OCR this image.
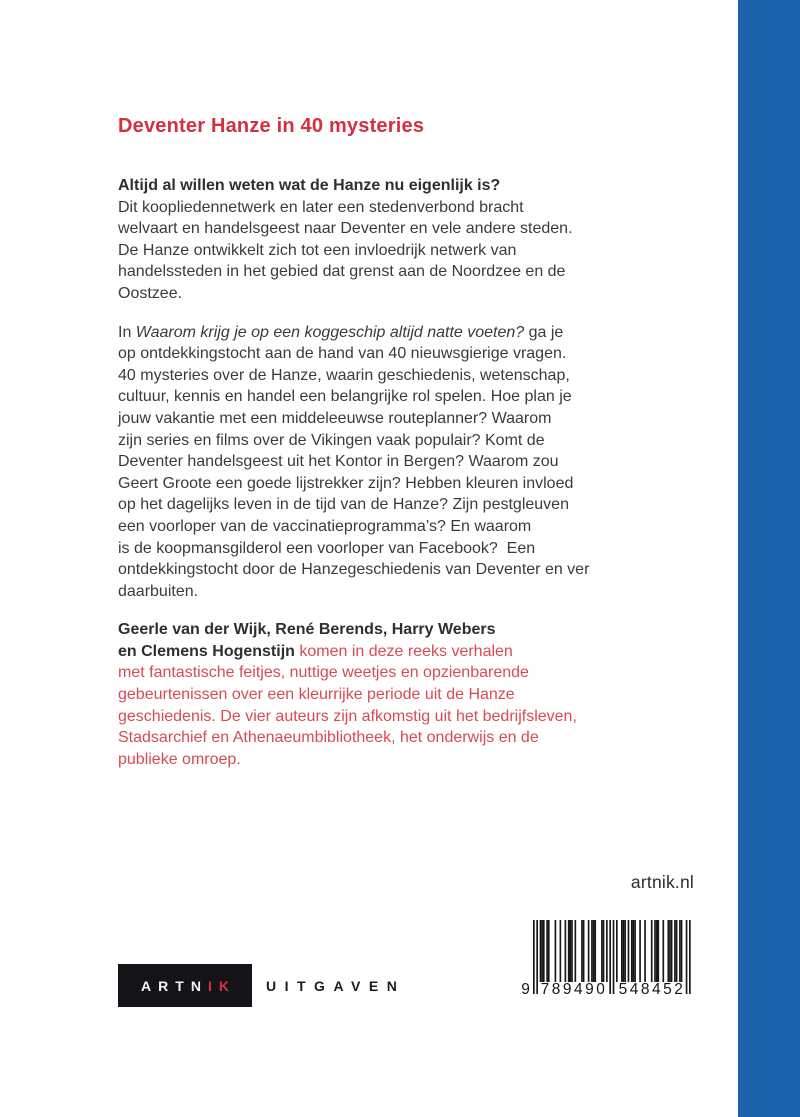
Deventer Hanze in 40 mysteries

Altijd al willen weten wat de Hanze nu eigenlijk is?
Dit koopliedennetwerk en later een stedenverbond bracht
welvaart en handelsgeest naar Deventer en vele andere steden.
De Hanze ontwikkelt zich tot een invloedrijk netwerk van
handelssteden in het gebied dat grenst aan de Noordzee en de
Oostzee.

In Waarom krijg je op een koggeschip altijd natte voeten? ga je
op ontdekkingstocht aan de hand van 40 nieuwsgierige vragen.
40 mysteries over de Hanze, waarin geschiedenis, wetenschap,
cultuur, kennis en handel een belangrijke rol spelen. Hoe plan je
jouw vakantie met een middeleeuwse routeplanner? Waarom
zijn series en films over de Vikingen vaak populair? Komt de
Deventer handelsgeest uit het Kontor in Bergen? Waarom zou
Geert Groote een goede lijstrekker zijn? Hebben kleuren invloed
op het dagelijks leven in de tijd van de Hanze? Zijn pestgleuven
een voorloper van de vaccinatieprogramma’s? En waarom
is de koopmansgilderol een voorloper van Facebook?  Een
ontdekkingstocht door de Hanzegeschiedenis van Deventer en ver
daarbuiten.

Geerle van der Wijk, René Berends, Harry Webers
en Clemens Hogenstijn komen in deze reeks verhalen
met fantastische feitjes, nuttige weetjes en opzienbarende
gebeurtenissen over een kleurrijke periode uit de Hanze
geschiedenis. De vier auteurs zijn afkomstig uit het bedrijfsleven,
Stadsarchief en Athenaeumbibliotheek, het onderwijs en de
publieke omroep.

artnik.nl
9 789490 548452
ARTN IK UITGAVEN
